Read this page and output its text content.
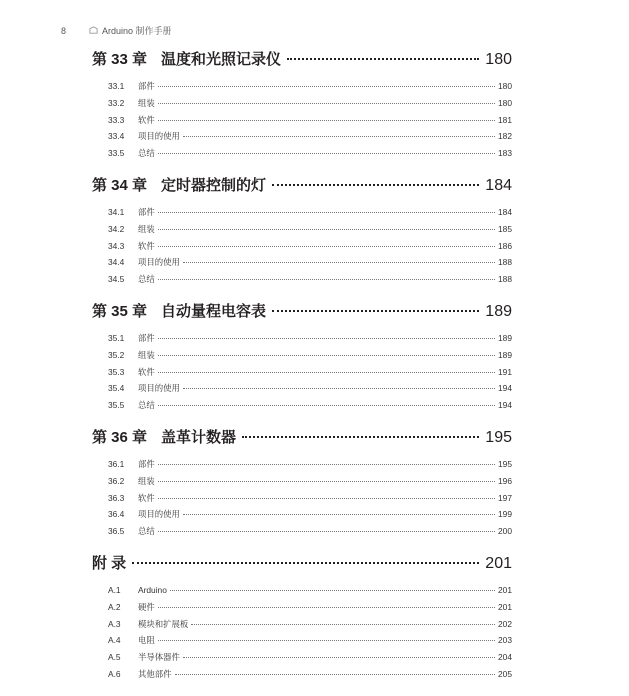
8	Arduino 制作手册
第 33 章 温度和光照记录仪	180
33.1	部件	180
33.2	组装	180
33.3	软件	181
33.4	项目的使用	182
33.5	总结	183
第 34 章 定时器控制的灯	184
34.1	部件	184
34.2	组装	185
34.3	软件	186
34.4	项目的使用	188
34.5	总结	188
第 35 章 自动量程电容表	189
35.1	部件	189
35.2	组装	189
35.3	软件	191
35.4	项目的使用	194
35.5	总结	194
第 36 章 盖革计数器	195
36.1	部件	195
36.2	组装	196
36.3	软件	197
36.4	项目的使用	199
36.5	总结	200
附 录	201
A.1	Arduino	201
A.2	硬件	201
A.3	模块和扩展板	202
A.4	电阻	203
A.5	半导体器件	204
A.6	其他部件	205
